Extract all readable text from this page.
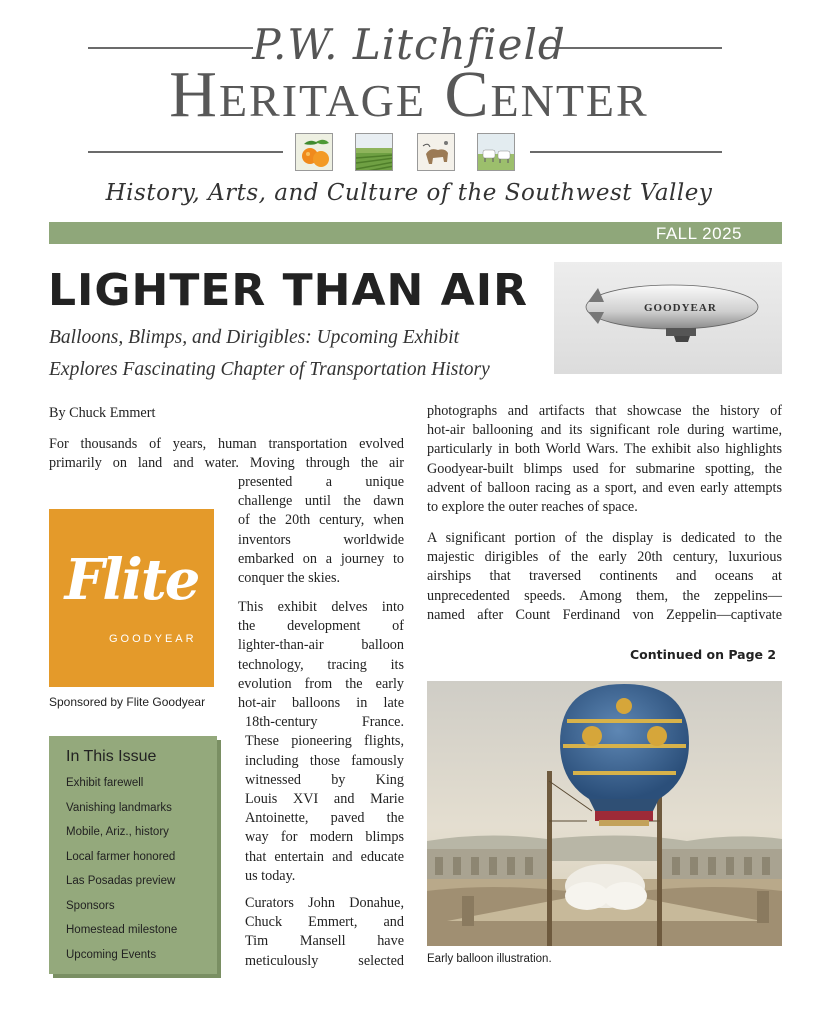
P.W. Litchfield
Heritage Center
History, Arts, and Culture of the Southwest Valley
FALL 2025
LIGHTER THAN AIR
Balloons, Blimps, and Dirigibles: Upcoming Exhibit
Explores Fascinating Chapter of Transportation History
GOODYEAR
By Chuck Emmert
For thousands of years, human transportation evolved
primarily on land and water. Moving through the air
presented a unique
challenge until the dawn
of the 20th century, when
inventors worldwide
embarked on a journey to
conquer the skies.
This exhibit delves into
the development of
lighter-than-air balloon
technology, tracing its
evolution from the early
hot-air balloons in late
18th-century France.
These pioneering flights,
including those famously
witnessed by King
Louis XVI and Marie
Antoinette, paved the
way for modern blimps
that entertain and educate
us today.
Curators John Donahue,
Chuck Emmert, and
Tim Mansell have
meticulously selected
Flite
GOODYEAR
Sponsored by Flite Goodyear
In This Issue
Exhibit farewell
Vanishing landmarks
Mobile, Ariz., history
Local farmer honored
Las Posadas preview
Sponsors
Homestead milestone
Upcoming Events
photographs and artifacts that showcase the history of
hot-air ballooning and its significant role during wartime,
particularly in both World Wars. The exhibit also highlights
Goodyear-built blimps used for submarine spotting, the
advent of balloon racing as a sport, and even early attempts
to explore the outer reaches of space.
A significant portion of the display is dedicated to the
majestic dirigibles of the early 20th century, luxurious
airships that traversed continents and oceans at
unprecedented speeds. Among them, the zeppelins—
named after Count Ferdinand von Zeppelin—captivate
Continued on Page 2
Early balloon illustration.
